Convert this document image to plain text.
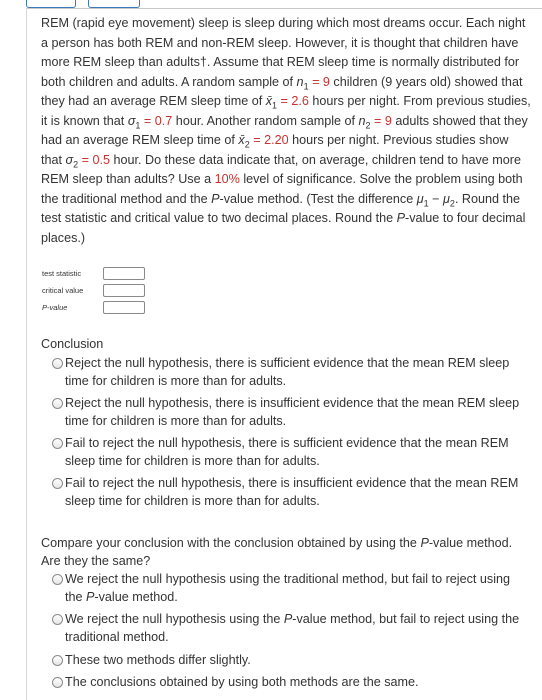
REM (rapid eye movement) sleep is sleep during which most dreams occur. Each night a person has both REM and non-REM sleep. However, it is thought that children have more REM sleep than adults†. Assume that REM sleep time is normally distributed for both children and adults. A random sample of $n_1 = 9$ children (9 years old) showed that they had an average REM sleep time of $x̄_1 = 2.6$ hours per night. From previous studies, it is known that $\sigma_1 = 0.7$ hour. Another random sample of $n_2 = 9$ adults showed that they had an average REM sleep time of $x̄_2 = 2.20$ hours per night. Previous studies show that $\sigma_2 = 0.5$ hour. Do these data indicate that, on average, children tend to have more REM sleep than adults? Use a 10% level of significance. Solve the problem using both the traditional method and the P-value method. (Test the difference $\mu_1 - \mu_2$. Round the test statistic and critical value to two decimal places. Round the P-value to four decimal places.)
test statistic
critical value
P-value
Conclusion
Reject the null hypothesis, there is sufficient evidence that the mean REM sleep time for children is more than for adults.
Reject the null hypothesis, there is insufficient evidence that the mean REM sleep time for children is more than for adults.
Fail to reject the null hypothesis, there is sufficient evidence that the mean REM sleep time for children is more than for adults.
Fail to reject the null hypothesis, there is insufficient evidence that the mean REM sleep time for children is more than for adults.
Compare your conclusion with the conclusion obtained by using the P-value method. Are they the same?
We reject the null hypothesis using the traditional method, but fail to reject using the P-value method.
We reject the null hypothesis using the P-value method, but fail to reject using the traditional method.
These two methods differ slightly.
The conclusions obtained by using both methods are the same.
